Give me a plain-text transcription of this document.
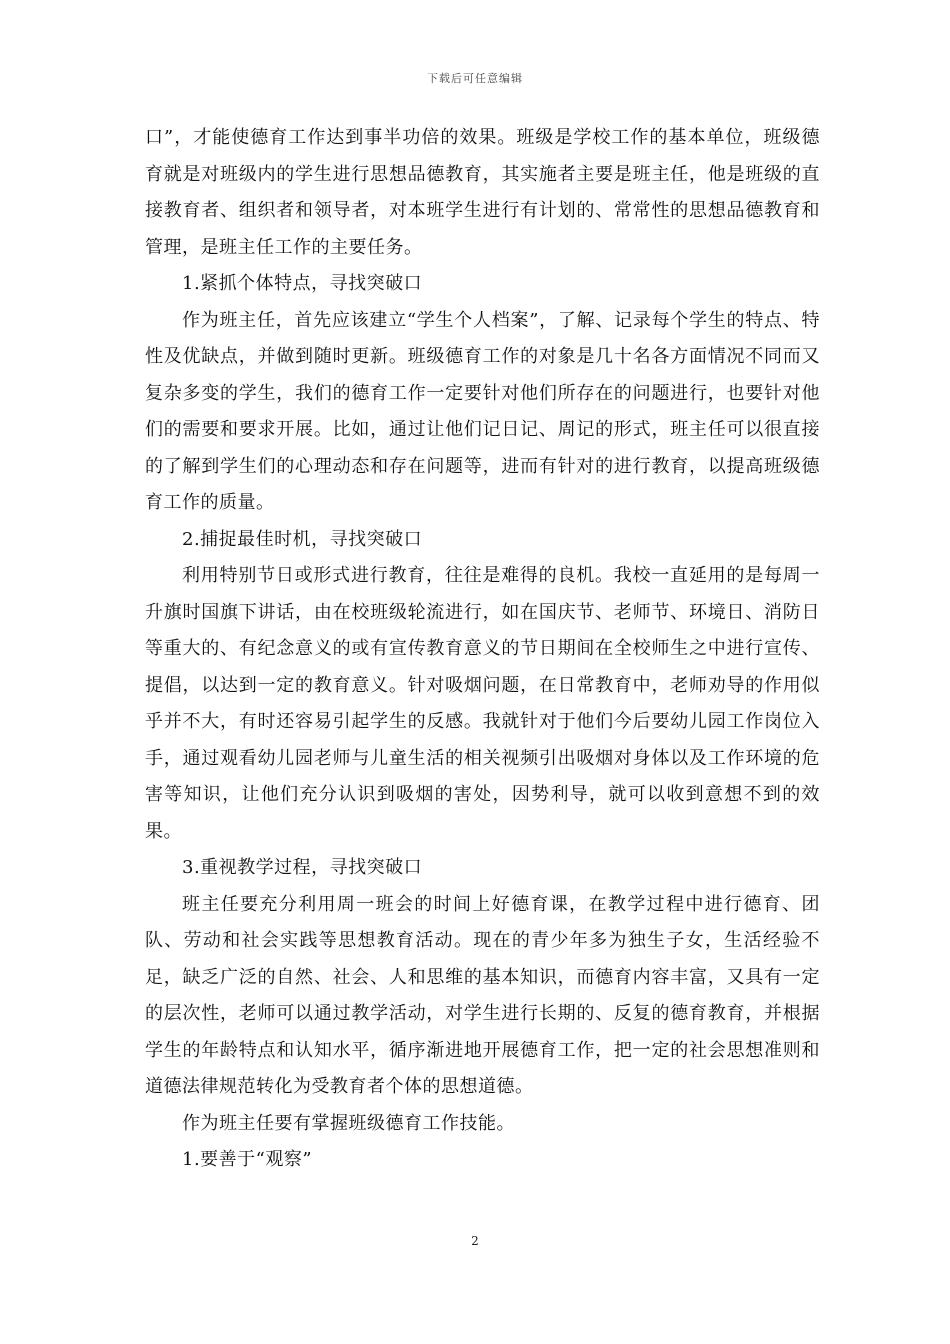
下载后可任意编辑

口”，才能使德育工作达到事半功倍的效果。班级是学校工作的基本单位，班级德育就是对班级内的学生进行思想品德教育，其实施者主要是班主任，他是班级的直接教育者、组织者和领导者，对本班学生进行有计划的、常常性的思想品德教育和管理，是班主任工作的主要任务。

1.紧抓个体特点，寻找突破口

作为班主任，首先应该建立“学生个人档案”，了解、记录每个学生的特点、特性及优缺点，并做到随时更新。班级德育工作的对象是几十名各方面情况不同而又复杂多变的学生，我们的德育工作一定要针对他们所存在的问题进行，也要针对他们的需要和要求开展。比如，通过让他们记日记、周记的形式，班主任可以很直接的了解到学生们的心理动态和存在问题等，进而有针对的进行教育，以提高班级德育工作的质量。

2.捕捉最佳时机，寻找突破口

利用特别节日或形式进行教育，往往是难得的良机。我校一直延用的是每周一升旗时国旗下讲话，由在校班级轮流进行，如在国庆节、老师节、环境日、消防日等重大的、有纪念意义的或有宣传教育意义的节日期间在全校师生之中进行宣传、提倡，以达到一定的教育意义。针对吸烟问题，在日常教育中，老师劝导的作用似乎并不大，有时还容易引起学生的反感。我就针对于他们今后要幼儿园工作岗位入手，通过观看幼儿园老师与儿童生活的相关视频引出吸烟对身体以及工作环境的危害等知识，让他们充分认识到吸烟的害处，因势利导，就可以收到意想不到的效果。

3.重视教学过程，寻找突破口

班主任要充分利用周一班会的时间上好德育课，在教学过程中进行德育、团队、劳动和社会实践等思想教育活动。现在的青少年多为独生子女，生活经验不足，缺乏广泛的自然、社会、人和思维的基本知识，而德育内容丰富，又具有一定的层次性，老师可以通过教学活动，对学生进行长期的、反复的德育教育，并根据学生的年龄特点和认知水平，循序渐进地开展德育工作，把一定的社会思想准则和道德法律规范转化为受教育者个体的思想道德。

作为班主任要有掌握班级德育工作技能。

1.要善于“观察”

2
